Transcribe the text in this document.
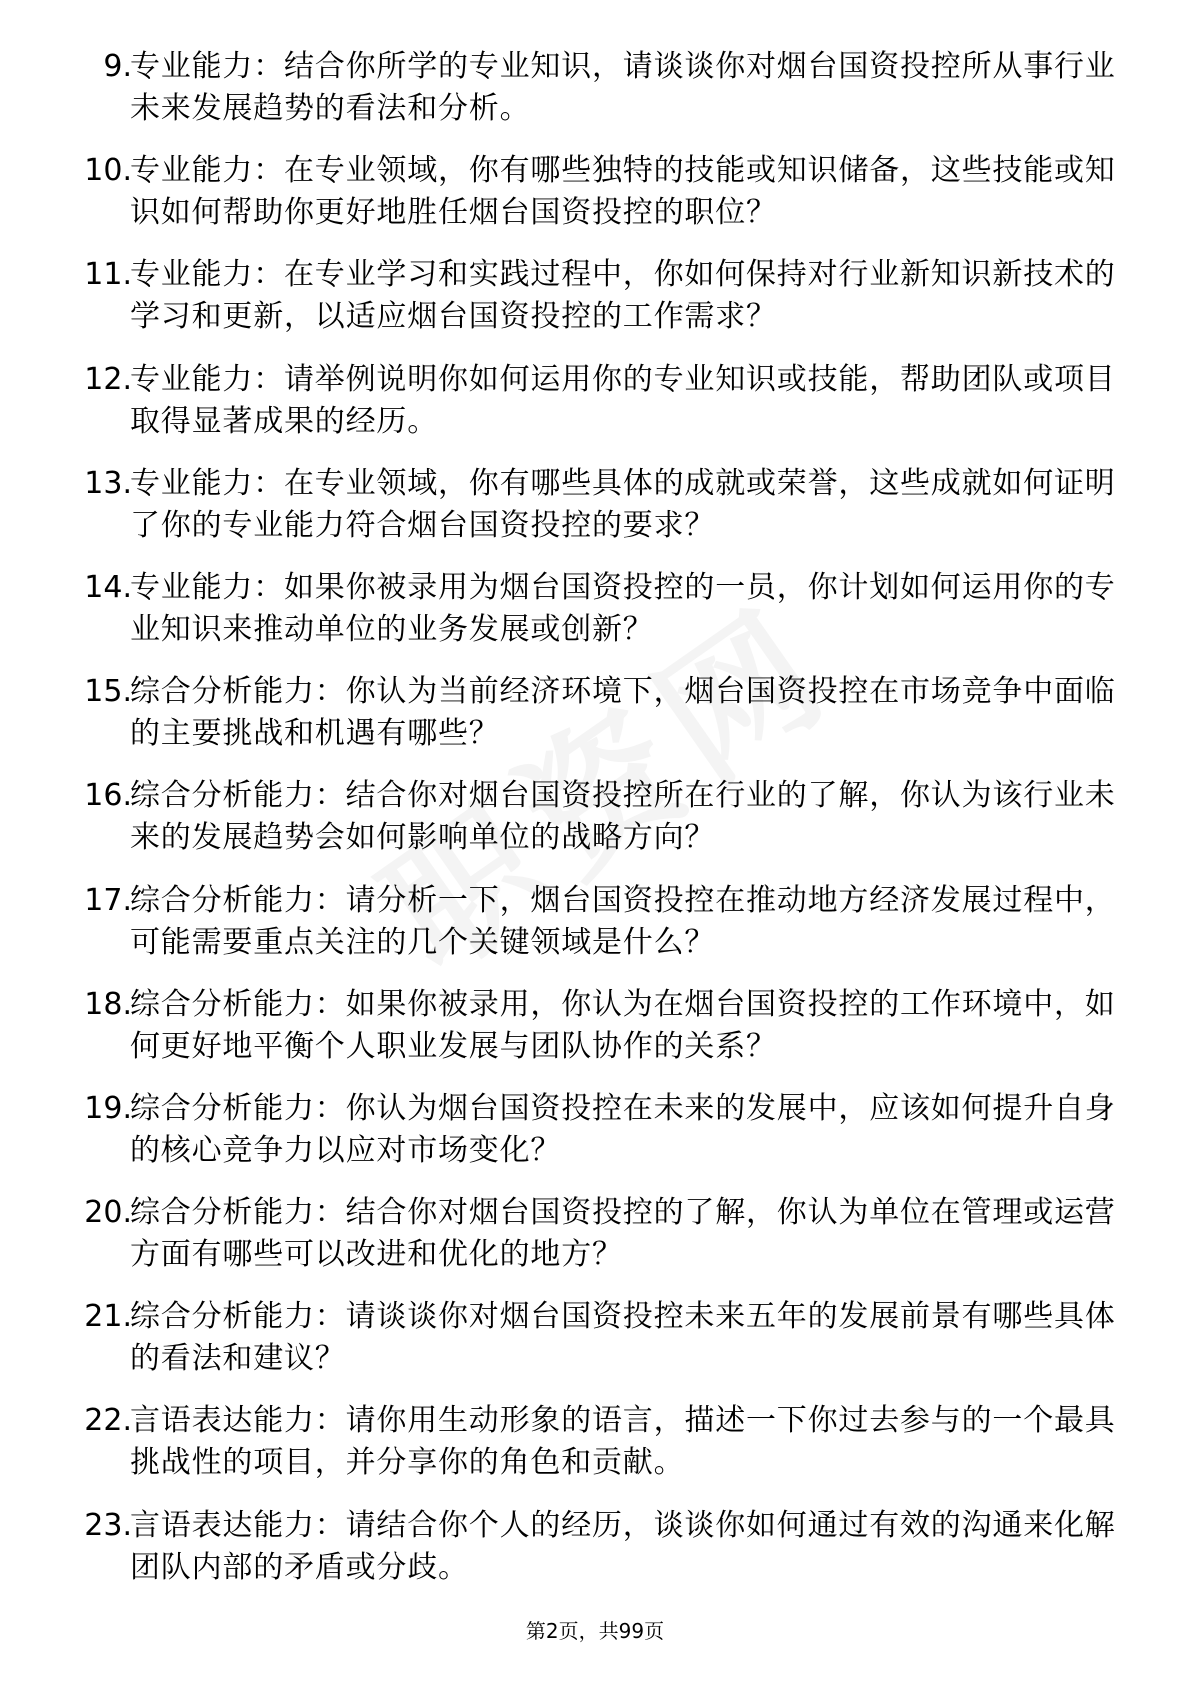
9.
专业能力：结合你所学的专业知识，请谈谈你对烟台国资投控所从事行业未来发展趋势的看法和分析。
10.
专业能力：在专业领域，你有哪些独特的技能或知识储备，这些技能或知识如何帮助你更好地胜任烟台国资投控的职位？
11.
专业能力：在专业学习和实践过程中，你如何保持对行业新知识新技术的学习和更新，以适应烟台国资投控的工作需求？
12.
专业能力：请举例说明你如何运用你的专业知识或技能，帮助团队或项目取得显著成果的经历。
13.
专业能力：在专业领域，你有哪些具体的成就或荣誉，这些成就如何证明了你的专业能力符合烟台国资投控的要求？
14.
专业能力：如果你被录用为烟台国资投控的一员，你计划如何运用你的专业知识来推动单位的业务发展或创新？
15.
综合分析能力：你认为当前经济环境下，烟台国资投控在市场竞争中面临的主要挑战和机遇有哪些？
16.
综合分析能力：结合你对烟台国资投控所在行业的了解，你认为该行业未来的发展趋势会如何影响单位的战略方向？
17.
综合分析能力：请分析一下，烟台国资投控在推动地方经济发展过程中，可能需要重点关注的几个关键领域是什么？
18.
综合分析能力：如果你被录用，你认为在烟台国资投控的工作环境中，如何更好地平衡个人职业发展与团队协作的关系？
19.
综合分析能力：你认为烟台国资投控在未来的发展中，应该如何提升自身的核心竞争力以应对市场变化？
20.
综合分析能力：结合你对烟台国资投控的了解，你认为单位在管理或运营方面有哪些可以改进和优化的地方？
21.
综合分析能力：请谈谈你对烟台国资投控未来五年的发展前景有哪些具体的看法和建议？
22.
言语表达能力：请你用生动形象的语言，描述一下你过去参与的一个最具挑战性的项目，并分享你的角色和贡献。
23.
言语表达能力：请结合你个人的经历，谈谈你如何通过有效的沟通来化解团队内部的矛盾或分歧。
第2页，共99页
